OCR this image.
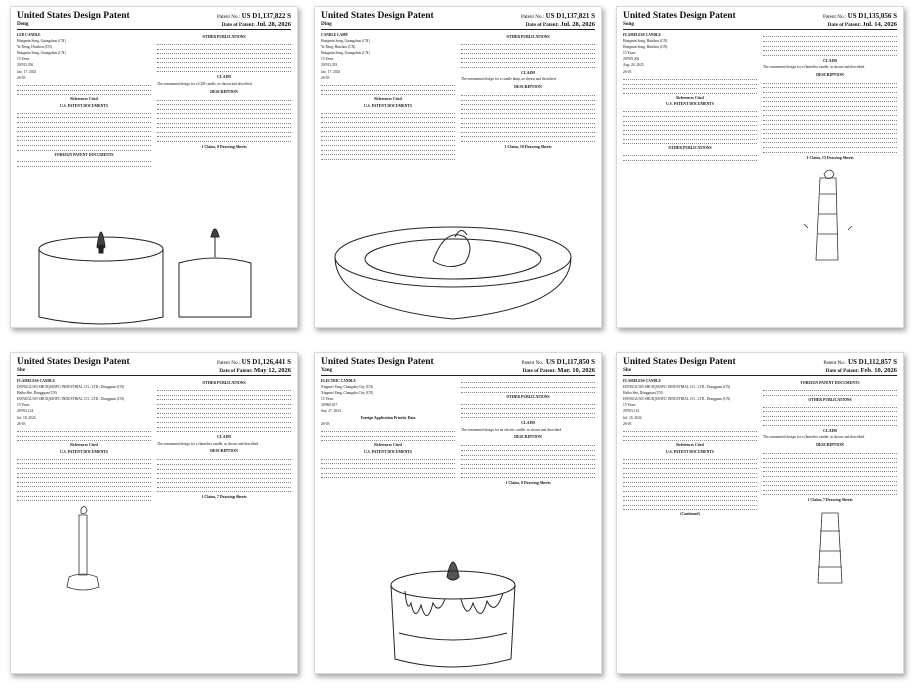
United States Design Patent	Patent No.: US D1,137,822 S
Deng	Date of Patent: Jul. 28, 2026
LED CANDLE
Hongmin Song, Guangzhou (CN)
Ye Deng, Huizhou (CN)
Hongmin Song, Guangzhou (CN)
15 Years
29/913,356
Jan. 17, 2025
26-03
References Cited
U.S. PATENT DOCUMENTS
FOREIGN PATENT DOCUMENTS
OTHER PUBLICATIONS
CLAIM
The ornamental design for a LED candle, as shown and described.
DESCRIPTION
1 Claim, 9 Drawing Sheets
United States Design Patent	Patent No.: US D1,137,821 S
Ding	Date of Patent: Jul. 28, 2026
CANDLE LAMP
Hongmin Song, Guangzhou (CN)
Ye Ding, Huizhou (CN)
Hongmin Song, Guangzhou (CN)
15 Years
29/913,353
Jan. 17, 2025
26-03
References Cited
U.S. PATENT DOCUMENTS
OTHER PUBLICATIONS
CLAIM
The ornamental design for a candle lamp, as shown and described.
DESCRIPTION
1 Claim, 10 Drawing Sheets
United States Design Patent	Patent No.: US D1,135,056 S
Song	Date of Patent: Jul. 14, 2026
FLAMELESS CANDLE
Hongmin Song, Huizhou (CN)
Hongmin Song, Huizhou (CN)
15 Years
29/929,204
Aug. 20, 2025
26-03
References Cited
U.S. PATENT DOCUMENTS
OTHER PUBLICATIONS
CLAIM
The ornamental design for a flameless candle, as shown and described.
DESCRIPTION
1 Claim, 13 Drawing Sheets
United States Design Patent	Patent No.: US D1,126,441 S
She	Date of Patent: May 12, 2026
FLAMELESS CANDLE
DONGGUAN SHUIQIANFU INDUSTRIAL CO., LTD., Dongguan (CN)
Haiba She, Dongguan (CN)
DONGGUAN SHUIQIANFU INDUSTRIAL CO., LTD., Dongguan (CN)
15 Years
29/953,124
Jul. 18, 2024
26-03
References Cited
U.S. PATENT DOCUMENTS
OTHER PUBLICATIONS
CLAIM
The ornamental design for a flameless candle, as shown and described.
DESCRIPTION
1 Claim, 7 Drawing Sheets
United States Design Patent	Patent No.: US D1,117,850 S
Yang	Date of Patent: Mar. 10, 2026
ELECTRIC CANDLE
Xingmei Yang, Changsha City (CN)
Xingmei Yang, Changsha City (CN)
15 Years
29/960,017
Sep. 27, 2024
Foreign Application Priority Data
26-03
References Cited
U.S. PATENT DOCUMENTS
OTHER PUBLICATIONS
CLAIM
The ornamental design for an electric candle, as shown and described.
DESCRIPTION
1 Claim, 8 Drawing Sheets
United States Design Patent	Patent No.: US D1,112,857 S
She	Date of Patent: Feb. 10, 2026
FLAMELESS CANDLE
DONGGUAN SHUIQIANFU INDUSTRIAL CO., LTD., Dongguan (CN)
Haiba She, Dongguan (CN)
DONGGUAN SHUIQIANFU INDUSTRIAL CO., LTD., Dongguan (CN)
15 Years
29/953,125
Jul. 18, 2024
26-03
References Cited
U.S. PATENT DOCUMENTS
(Continued)
FOREIGN PATENT DOCUMENTS
OTHER PUBLICATIONS
CLAIM
The ornamental design for a flameless candle, as shown and described.
DESCRIPTION
1 Claim, 7 Drawing Sheets
